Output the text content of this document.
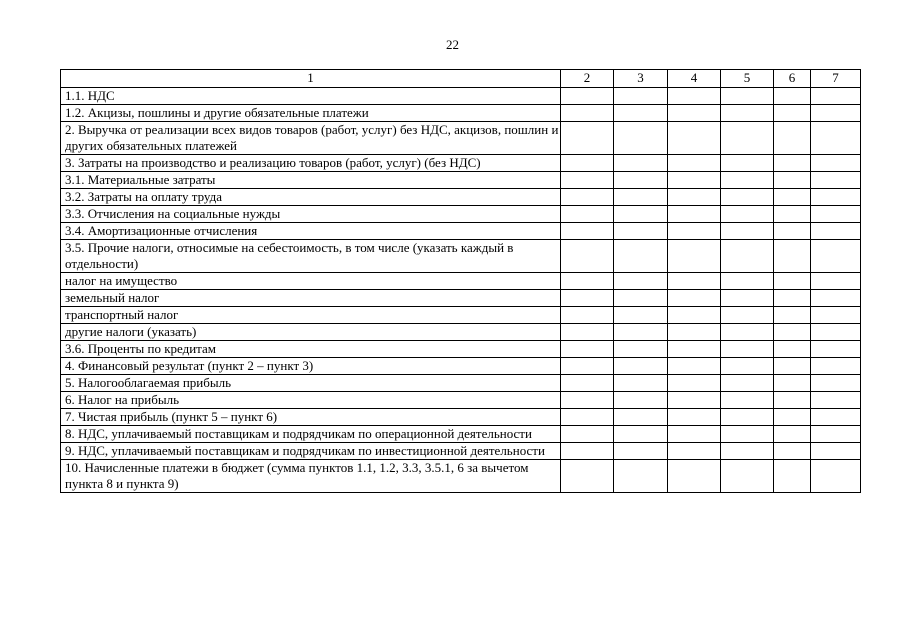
22
1	2	3	4	5	6	7
1.1. НДС						
1.2. Акцизы, пошлины и другие обязательные платежи						
2. Выручка от реализации всех видов товаров (работ, услуг) без НДС, акцизов, пошлин и других обязательных платежей						
3. Затраты на производство и реализацию товаров (работ, услуг) (без НДС)						
3.1. Материальные затраты						
3.2. Затраты на оплату труда						
3.3. Отчисления на социальные нужды						
3.4. Амортизационные отчисления						
3.5. Прочие налоги, относимые на себестоимость, в том числе (указать каждый в отдельности)						
налог на имущество						
земельный налог						
транспортный налог						
другие налоги (указать)						
3.6. Проценты по кредитам						
4. Финансовый результат (пункт 2 – пункт 3)						
5. Налогооблагаемая прибыль						
6. Налог на прибыль						
7. Чистая прибыль (пункт 5 – пункт 6)						
8. НДС, уплачиваемый поставщикам и подрядчикам по операционной деятельности						
9. НДС, уплачиваемый поставщикам и подрядчикам по инвестиционной деятельности						
10. Начисленные платежи в бюджет (сумма пунктов 1.1, 1.2, 3.3, 3.5.1, 6 за вычетом пункта 8 и пункта 9)						
